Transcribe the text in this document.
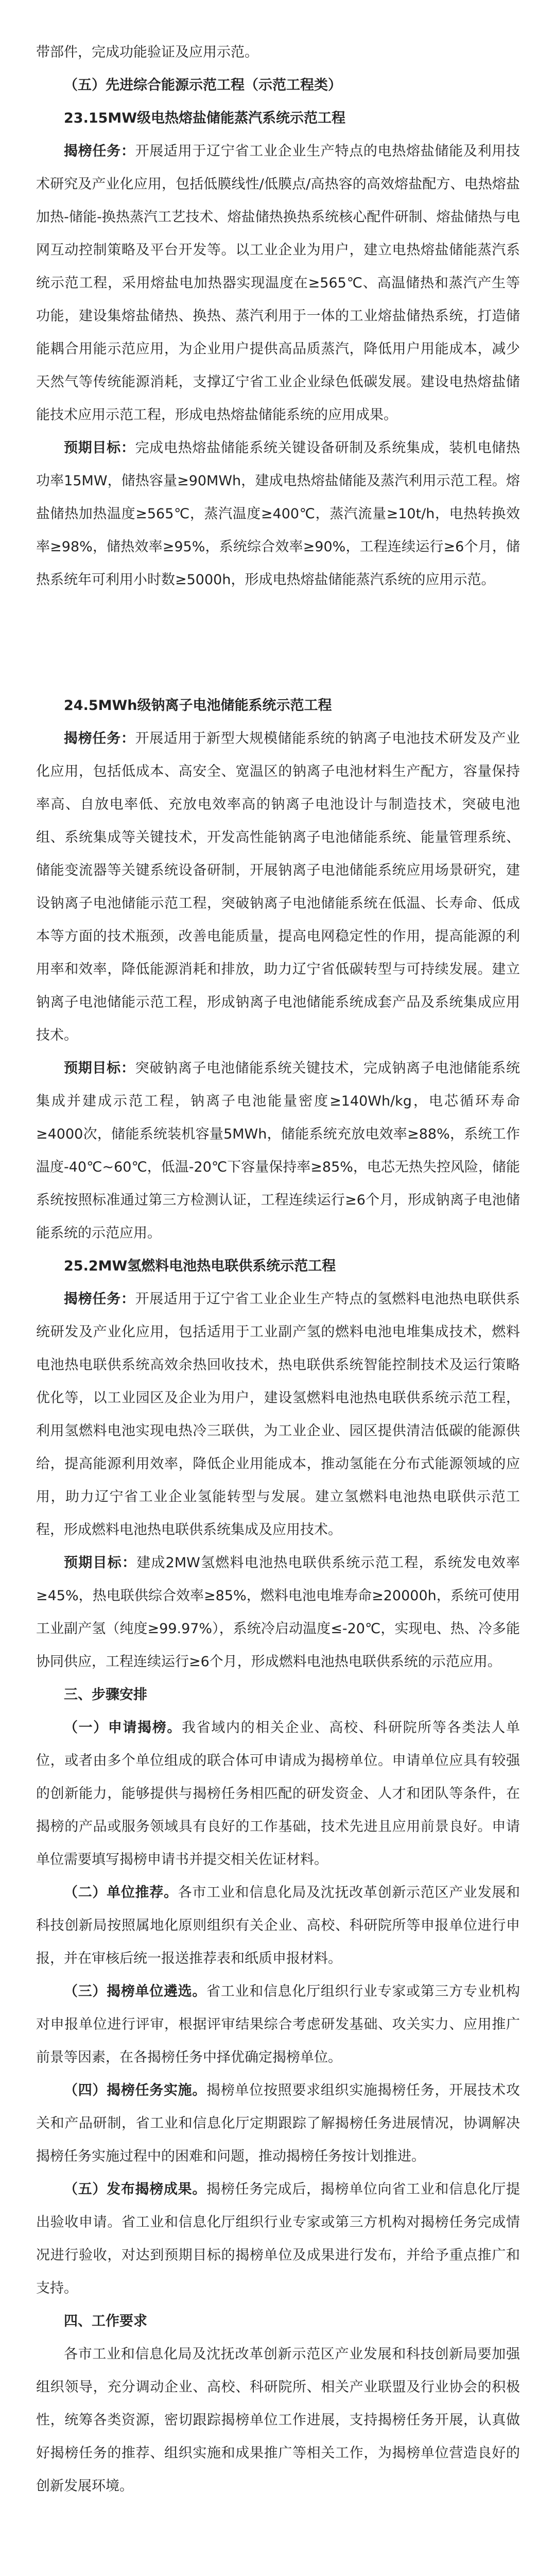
带部件，完成功能验证及应用示范。

（五）先进综合能源示范工程（示范工程类）

23.15MW级电热熔盐储能蒸汽系统示范工程

揭榜任务：开展适用于辽宁省工业企业生产特点的电热熔盐储能及利用技术研究及产业化应用，包括低膜线性/低膜点/高热容的高效熔盐配方、电热熔盐加热-储能-换热蒸汽工艺技术、熔盐储热换热系统核心配件研制、熔盐储热与电网互动控制策略及平台开发等。以工业企业为用户，建立电热熔盐储能蒸汽系统示范工程，采用熔盐电加热器实现温度在≥565℃、高温储热和蒸汽产生等功能，建设集熔盐储热、换热、蒸汽利用于一体的工业熔盐储热系统，打造储能耦合用能示范应用，为企业用户提供高品质蒸汽，降低用户用能成本，减少天然气等传统能源消耗，支撑辽宁省工业企业绿色低碳发展。建设电热熔盐储能技术应用示范工程，形成电热熔盐储能系统的应用成果。

预期目标：完成电热熔盐储能系统关键设备研制及系统集成，装机电储热功率15MW，储热容量≥90MWh，建成电热熔盐储能及蒸汽利用示范工程。熔盐储热加热温度≥565℃，蒸汽温度≥400℃，蒸汽流量≥10t/h，电热转换效率≥98%，储热效率≥95%，系统综合效率≥90%，工程连续运行≥6个月，储热系统年可利用小时数≥5000h，形成电热熔盐储能蒸汽系统的应用示范。

24.5MWh级钠离子电池储能系统示范工程

揭榜任务：开展适用于新型大规模储能系统的钠离子电池技术研发及产业化应用，包括低成本、高安全、宽温区的钠离子电池材料生产配方，容量保持率高、自放电率低、充放电效率高的钠离子电池设计与制造技术，突破电池组、系统集成等关键技术，开发高性能钠离子电池储能系统、能量管理系统、储能变流器等关键系统设备研制，开展钠离子电池储能系统应用场景研究，建设钠离子电池储能示范工程，突破钠离子电池储能系统在低温、长寿命、低成本等方面的技术瓶颈，改善电能质量，提高电网稳定性的作用，提高能源的利用率和效率，降低能源消耗和排放，助力辽宁省低碳转型与可持续发展。建立钠离子电池储能示范工程，形成钠离子电池储能系统成套产品及系统集成应用技术。

预期目标：突破钠离子电池储能系统关键技术，完成钠离子电池储能系统集成并建成示范工程，钠离子电池能量密度≥140Wh/kg，电芯循环寿命≥4000次，储能系统装机容量5MWh，储能系统充放电效率≥88%，系统工作温度-40℃~60℃，低温-20℃下容量保持率≥85%，电芯无热失控风险，储能系统按照标准通过第三方检测认证，工程连续运行≥6个月，形成钠离子电池储能系统的示范应用。

25.2MW氢燃料电池热电联供系统示范工程

揭榜任务：开展适用于辽宁省工业企业生产特点的氢燃料电池热电联供系统研发及产业化应用，包括适用于工业副产氢的燃料电池电堆集成技术，燃料电池热电联供系统高效余热回收技术，热电联供系统智能控制技术及运行策略优化等，以工业园区及企业为用户，建设氢燃料电池热电联供系统示范工程，利用氢燃料电池实现电热冷三联供，为工业企业、园区提供清洁低碳的能源供给，提高能源利用效率，降低企业用能成本，推动氢能在分布式能源领域的应用，助力辽宁省工业企业氢能转型与发展。建立氢燃料电池热电联供示范工程，形成燃料电池热电联供系统集成及应用技术。

预期目标：建成2MW氢燃料电池热电联供系统示范工程，系统发电效率≥45%，热电联供综合效率≥85%，燃料电池电堆寿命≥20000h，系统可使用工业副产氢（纯度≥99.97%），系统冷启动温度≤-20℃，实现电、热、冷多能协同供应，工程连续运行≥6个月，形成燃料电池热电联供系统的示范应用。

三、步骤安排

（一）申请揭榜。我省域内的相关企业、高校、科研院所等各类法人单位，或者由多个单位组成的联合体可申请成为揭榜单位。申请单位应具有较强的创新能力，能够提供与揭榜任务相匹配的研发资金、人才和团队等条件，在揭榜的产品或服务领域具有良好的工作基础，技术先进且应用前景良好。申请单位需要填写揭榜申请书并提交相关佐证材料。

（二）单位推荐。各市工业和信息化局及沈抚改革创新示范区产业发展和科技创新局按照属地化原则组织有关企业、高校、科研院所等申报单位进行申报，并在审核后统一报送推荐表和纸质申报材料。

（三）揭榜单位遴选。省工业和信息化厅组织行业专家或第三方专业机构对申报单位进行评审，根据评审结果综合考虑研发基础、攻关实力、应用推广前景等因素，在各揭榜任务中择优确定揭榜单位。

（四）揭榜任务实施。揭榜单位按照要求组织实施揭榜任务，开展技术攻关和产品研制，省工业和信息化厅定期跟踪了解揭榜任务进展情况，协调解决揭榜任务实施过程中的困难和问题，推动揭榜任务按计划推进。

（五）发布揭榜成果。揭榜任务完成后，揭榜单位向省工业和信息化厅提出验收申请。省工业和信息化厅组织行业专家或第三方机构对揭榜任务完成情况进行验收，对达到预期目标的揭榜单位及成果进行发布，并给予重点推广和支持。

四、工作要求

各市工业和信息化局及沈抚改革创新示范区产业发展和科技创新局要加强组织领导，充分调动企业、高校、科研院所、相关产业联盟及行业协会的积极性，统筹各类资源，密切跟踪揭榜单位工作进展，支持揭榜任务开展，认真做好揭榜任务的推荐、组织实施和成果推广等相关工作，为揭榜单位营造良好的创新发展环境。
